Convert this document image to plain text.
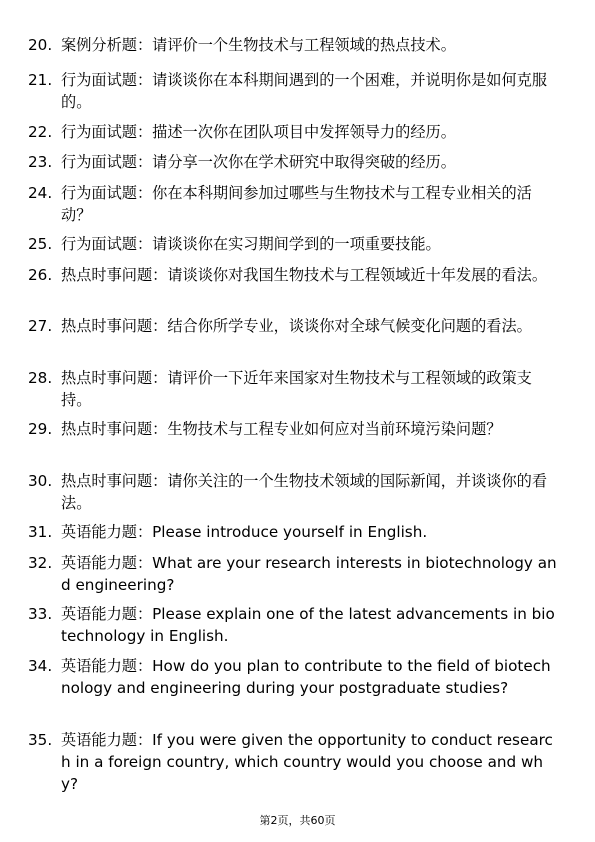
20. 案例分析题：请评价一个生物技术与工程领域的热点技术。
21. 行为面试题：请谈谈你在本科期间遇到的一个困难，并说明你是如何克服的。
22. 行为面试题：描述一次你在团队项目中发挥领导力的经历。
23. 行为面试题：请分享一次你在学术研究中取得突破的经历。
24. 行为面试题：你在本科期间参加过哪些与生物技术与工程专业相关的活动？
25. 行为面试题：请谈谈你在实习期间学到的一项重要技能。
26. 热点时事问题：请谈谈你对我国生物技术与工程领域近十年发展的看法。
27. 热点时事问题：结合你所学专业，谈谈你对全球气候变化问题的看法。
28. 热点时事问题：请评价一下近年来国家对生物技术与工程领域的政策支持。
29. 热点时事问题：生物技术与工程专业如何应对当前环境污染问题？
30. 热点时事问题：请你关注的一个生物技术领域的国际新闻，并谈谈你的看法。
31. 英语能力题：Please introduce yourself in English.
32. 英语能力题：What are your research interests in biotechnology and engineering?
33. 英语能力题：Please explain one of the latest advancements in biotechnology in English.
34. 英语能力题：How do you plan to contribute to the field of biotechnology and engineering during your postgraduate studies?
35. 英语能力题：If you were given the opportunity to conduct research in a foreign country, which country would you choose and why?
第2页，共60页
